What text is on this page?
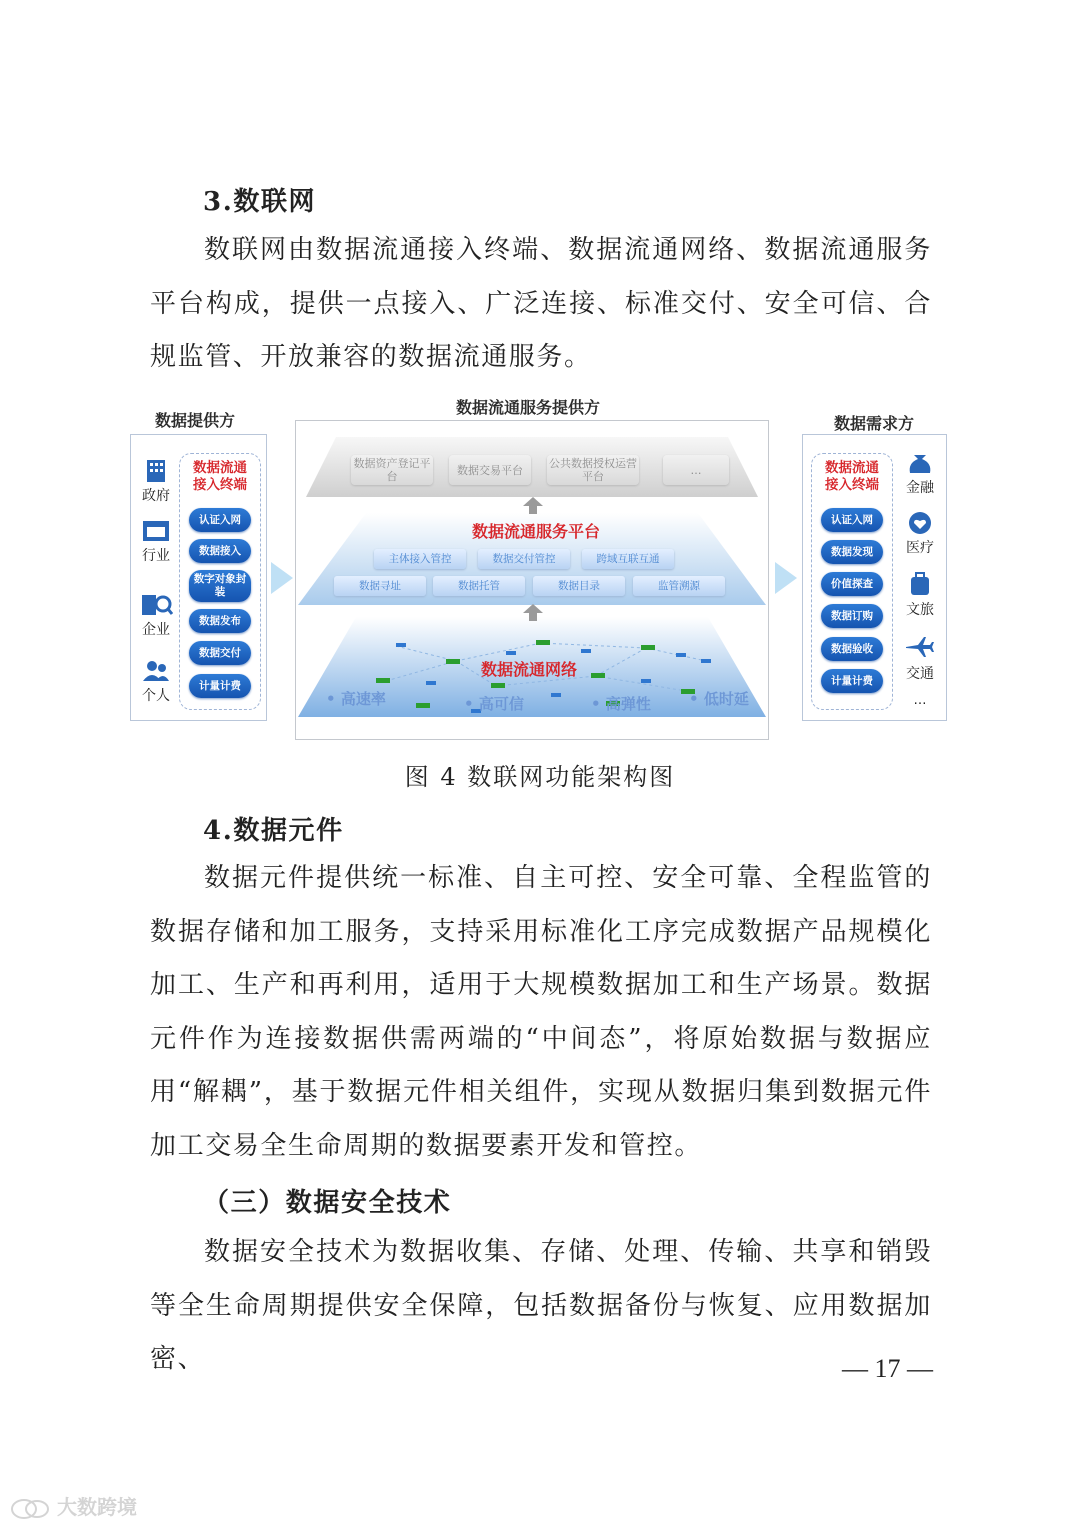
3.数联网

数联网由数据流通接入终端、数据流通网络、数据流通服务平台构成，提供一点接入、广泛连接、标准交付、安全可信、合规监管、开放兼容的数据流通服务。

数据提供方
政府
行业
企业
个人
数据流通接入终端
认证入网
数据接入
数字对象封装
数据发布
数据交付
计量计费
数据流通服务提供方
数据资产登记平台	数据交易平台	公共数据授权运营平台	…
数据流通服务平台
主体接入管控	数据交付管控	跨域互联互通
数据寻址	数据托管	数据目录	监管溯源
数据流通网络
• 高速率	• 高可信	• 高弹性	• 低时延
数据需求方
数据流通接入终端
认证入网
数据发现
价值探查
数据订购
数据验收
计量计费
金融
医疗
文旅
交通
…
图 4 数联网功能架构图
4.数据元件

数据元件提供统一标准、自主可控、安全可靠、全程监管的数据存储和加工服务，支持采用标准化工序完成数据产品规模化加工、生产和再利用，适用于大规模数据加工和生产场景。数据元件作为连接数据供需两端的“中间态”，将原始数据与数据应用“解耦”，基于数据元件相关组件，实现从数据归集到数据元件加工交易全生命周期的数据要素开发和管控。

（三）数据安全技术

数据安全技术为数据收集、存储、处理、传输、共享和销毁等全生命周期提供安全保障，包括数据备份与恢复、应用数据加密、	— 17 —
大数跨境
